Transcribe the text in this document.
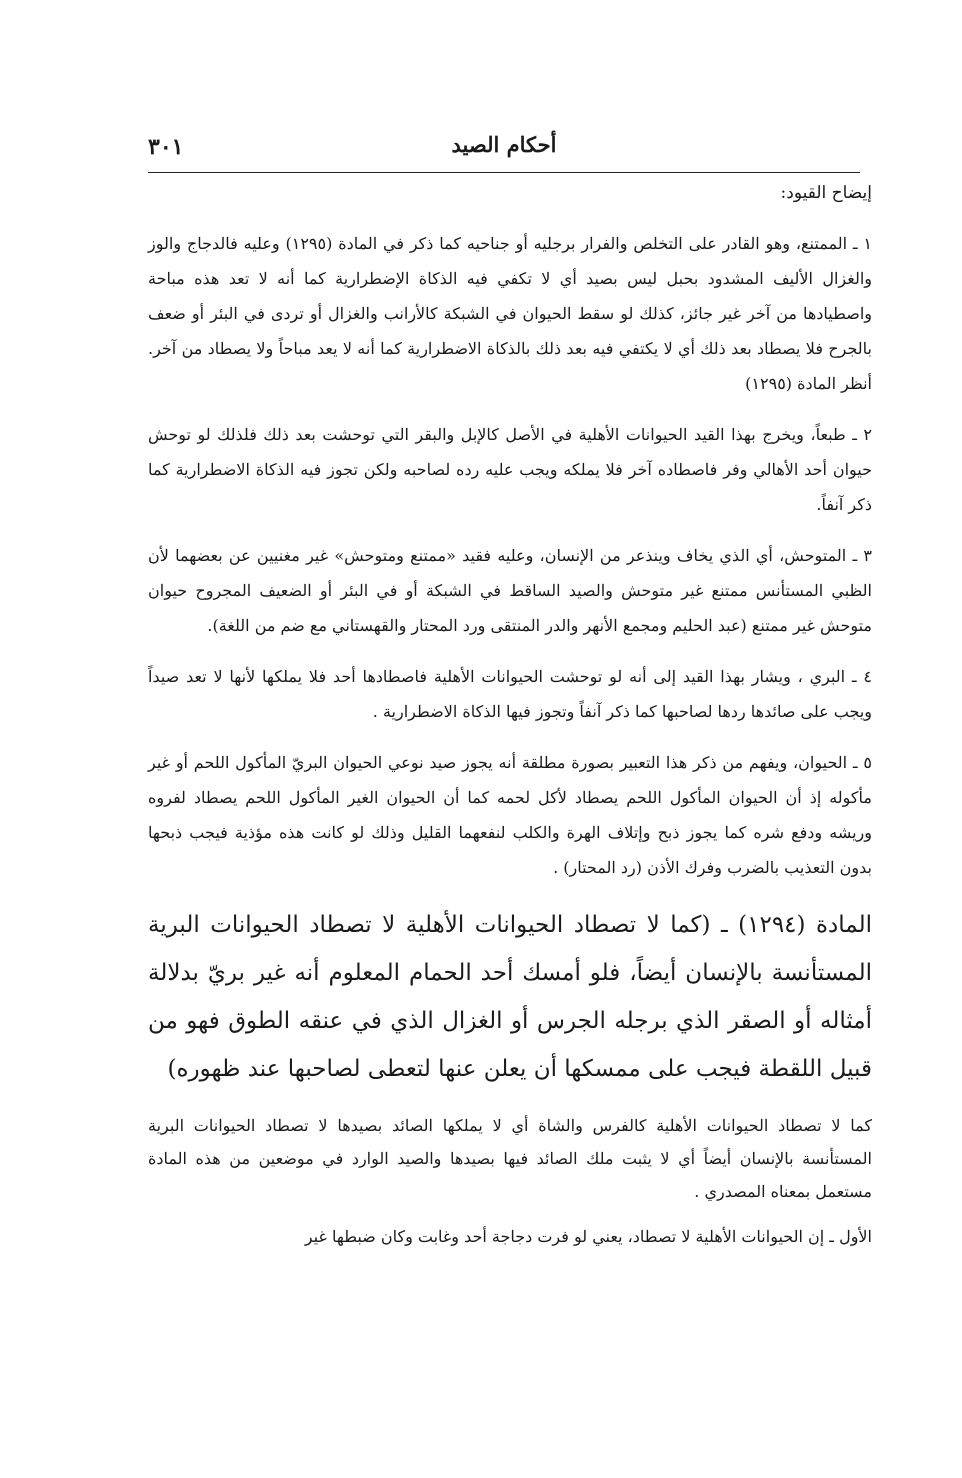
٣٠١	أحكام الصيد
إيضاح القيود:
١ ـ الممتنع، وهو القادر على التخلص والفرار برجليه أو جناحيه كما ذكر في المادة (١٢٩٥) وعليه فالدجاج والوز والغزال الأليف المشدود بحبل ليس بصيد أي لا تكفي فيه الذكاة الإضطرارية كما أنه لا تعد هذه مباحة واصطيادها من آخر غير جائز، كذلك لو سقط الحيوان في الشبكة كالأرانب والغزال أو تردى في البئر أو ضعف بالجرح فلا يصطاد بعد ذلك أي لا يكتفي فيه بعد ذلك بالذكاة الاضطرارية كما أنه لا يعد مباحاً ولا يصطاد من آخر. أنظر المادة (١٢٩٥)
٢ ـ طبعاً، ويخرج بهذا القيد الحيوانات الأهلية في الأصل كالإبل والبقر التي توحشت بعد ذلك فلذلك لو توحش حيوان أحد الأهالي وفر فاصطاده آخر فلا يملكه ويجب عليه رده لصاحبه ولكن تجوز فيه الذكاة الاضطرارية كما ذكر آنفاً.
٣ ـ المتوحش، أي الذي يخاف وينذعر من الإنسان، وعليه فقيد «ممتنع ومتوحش» غير مغنيين عن بعضهما لأن الظبي المستأنس ممتنع غير متوحش والصيد الساقط في الشبكة أو في البئر أو الضعيف المجروح حيوان متوحش غير ممتنع (عبد الحليم ومجمع الأنهر والدر المنتقى ورد المحتار والقهستاني مع ضم من اللغة).
٤ ـ البري ، ويشار بهذا القيد إلى أنه لو توحشت الحيوانات الأهلية فاصطادها أحد فلا يملكها لأنها لا تعد صيداً ويجب على صائدها ردها لصاحبها كما ذكر آنفاً وتجوز فيها الذكاة الاضطرارية .
٥ ـ الحيوان، ويفهم من ذكر هذا التعبير بصورة مطلقة أنه يجوز صيد نوعي الحيوان البريّ المأكول اللحم أو غير مأكوله إذ أن الحيوان المأكول اللحم يصطاد لأكل لحمه كما أن الحيوان الغير المأكول اللحم يصطاد لفروه وريشه ودفع شره كما يجوز ذبح وإتلاف الهرة والكلب لنفعهما القليل وذلك لو كانت هذه مؤذية فيجب ذبحها بدون التعذيب بالضرب وفرك الأذن (رد المحتار) .
المادة (١٢٩٤) ـ (كما لا تصطاد الحيوانات الأهلية لا تصطاد الحيوانات البرية المستأنسة بالإنسان أيضاً، فلو أمسك أحد الحمام المعلوم أنه غير بريّ بدلالة أمثاله أو الصقر الذي برجله الجرس أو الغزال الذي في عنقه الطوق فهو من قبيل اللقطة فيجب على ممسكها أن يعلن عنها لتعطى لصاحبها عند ظهوره)
كما لا تصطاد الحيوانات الأهلية كالفرس والشاة أي لا يملكها الصائد بصيدها لا تصطاد الحيوانات البرية المستأنسة بالإنسان أيضاً أي لا يثبت ملك الصائد فيها بصيدها والصيد الوارد في موضعين من هذه المادة مستعمل بمعناه المصدري .
الأول ـ إن الحيوانات الأهلية لا تصطاد، يعني لو فرت دجاجة أحد وغابت وكان ضبطها غير
